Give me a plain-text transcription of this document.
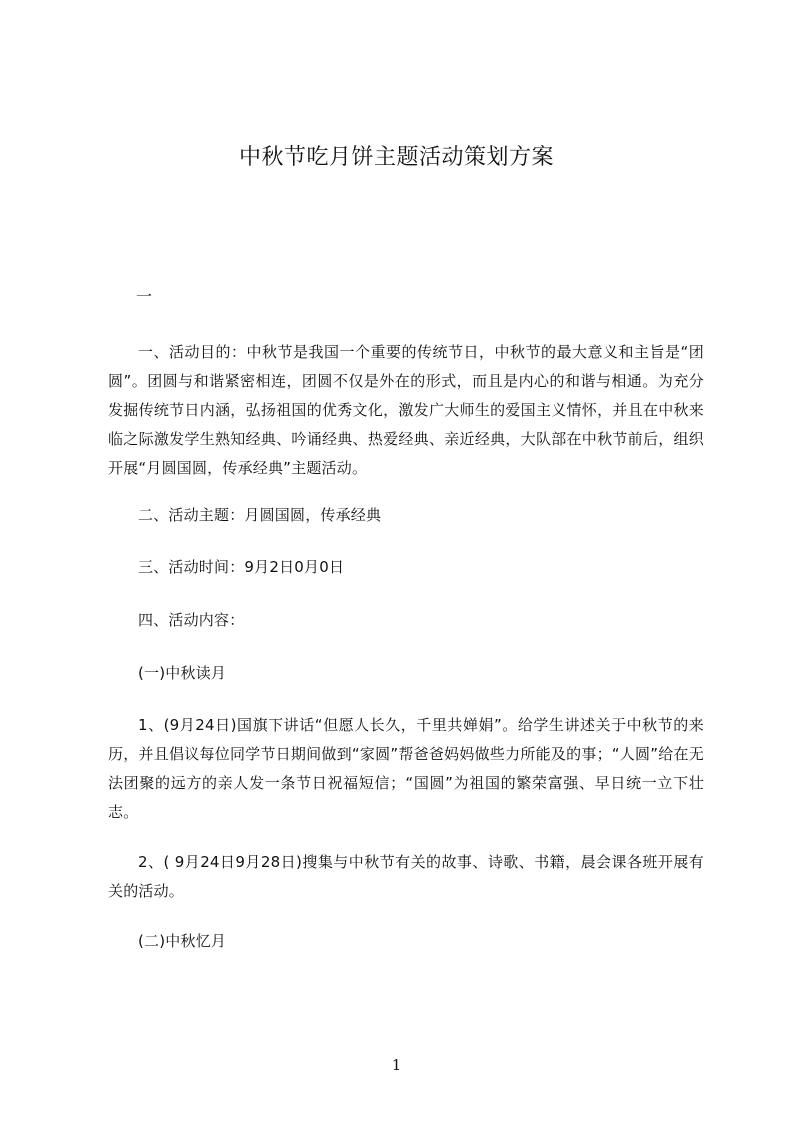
中秋节吃月饼主题活动策划方案

一

一、活动目的：中秋节是我国一个重要的传统节日，中秋节的最大意义和主旨是“团圆”。团圆与和谐紧密相连，团圆不仅是外在的形式，而且是内心的和谐与相通。为充分发掘传统节日内涵，弘扬祖国的优秀文化，激发广大师生的爱国主义情怀，并且在中秋来临之际激发学生熟知经典、吟诵经典、热爱经典、亲近经典，大队部在中秋节前后，组织开展“月圆国圆，传承经典”主题活动。

二、活动主题：月圆国圆，传承经典

三、活动时间：9月2日0月0日

四、活动内容：

(一)中秋读月

1、(9月24日)国旗下讲话“但愿人长久，千里共婵娟”。给学生讲述关于中秋节的来历，并且倡议每位同学节日期间做到“家圆”帮爸爸妈妈做些力所能及的事；“人圆”给在无法团聚的远方的亲人发一条节日祝福短信；“国圆”为祖国的繁荣富强、早日统一立下壮志。

2、( 9月24日9月28日)搜集与中秋节有关的故事、诗歌、书籍，晨会课各班开展有关的活动。

(二)中秋忆月

1
